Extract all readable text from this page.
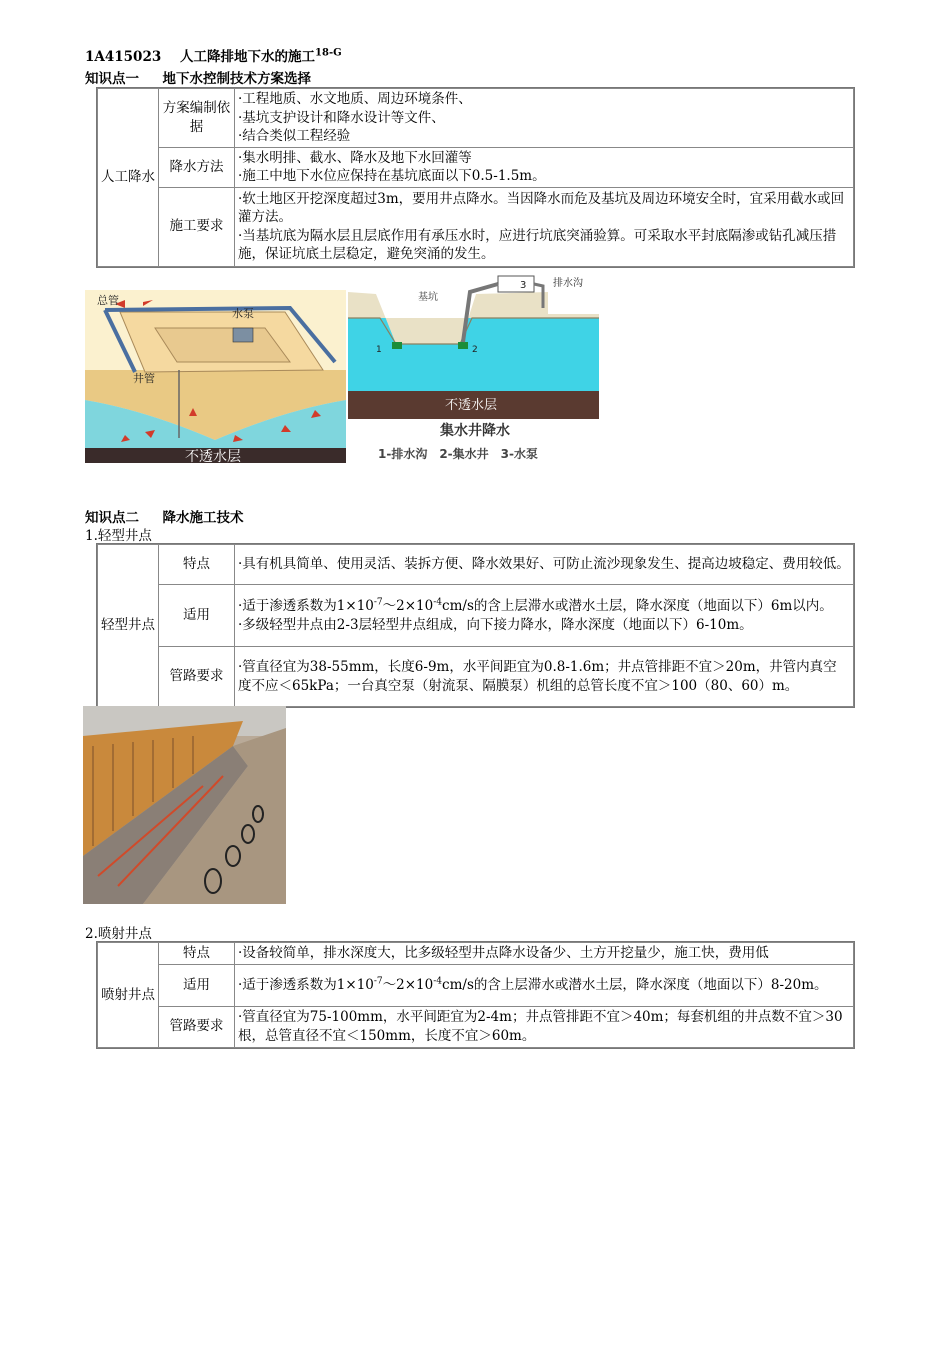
1A415023 人工降排地下水的施工$^{18-G}$
知识点一 地下水控制技术方案选择
人工降水	方案编制依据	·工程地质、水文地质、周边环境条件、
·基坑支护设计和降水设计等文件、
·结合类似工程经验

	降水方法	·集水明排、截水、降水及地下水回灌等
·施工中地下水位应保持在基坑底面以下0.5-1.5m。

	施工要求	·软土地区开挖深度超过3m，要用井点降水。当因降水而危及基坑及周边环境安全时，宜采用截水或回灌方法。
·当基坑底为隔水层且层底作用有承压水时，应进行坑底突涌验算。可采取水平封底隔渗或钻孔减压措施，保证坑底土层稳定，避免突涌的发生。
总管
水泵
井管
不透水层
基坑
排水沟
1	2
3
不透水层
集水井降水
1-排水沟　2-集水井　3-水泵
知识点二 降水施工技术
1.轻型井点
轻型井点	特点	·具有机具简单、使用灵活、装拆方便、降水效果好、可防止流沙现象发生、提高边坡稳定、费用较低。
	适用	·适于渗透系数为$1\times 10^{-7}\sim 2\times 10^{-4}cm/s$的含上层滞水或潜水土层，降水深度（地面以下）6m以内。
·多级轻型井点由2-3层轻型井点组成，向下接力降水，降水深度（地面以下）6-10m。

	管路要求	·管直径宜为38-55mm，长度6-9m，水平间距宜为0.8-1.6m；井点管排距不宜＞20m，井管内真空度不应＜65kPa；一台真空泵（射流泵、隔膜泵）机组的总管长度不宜＞100（80、60）m。
2.喷射井点
喷射井点	特点	·设备较简单，排水深度大，比多级轻型井点降水设备少、土方开挖量少，施工快，费用低
	适用	·适于渗透系数为$1\times 10^{-7}\sim 2\times 10^{-4}cm/s$的含上层滞水或潜水土层，降水深度（地面以下）8-20m。
	管路要求	·管直径宜为75-100mm，水平间距宜为2-4m；井点管排距不宜＞40m；每套机组的井点数不宜＞30根，总管直径不宜＜150mm，长度不宜＞60m。
